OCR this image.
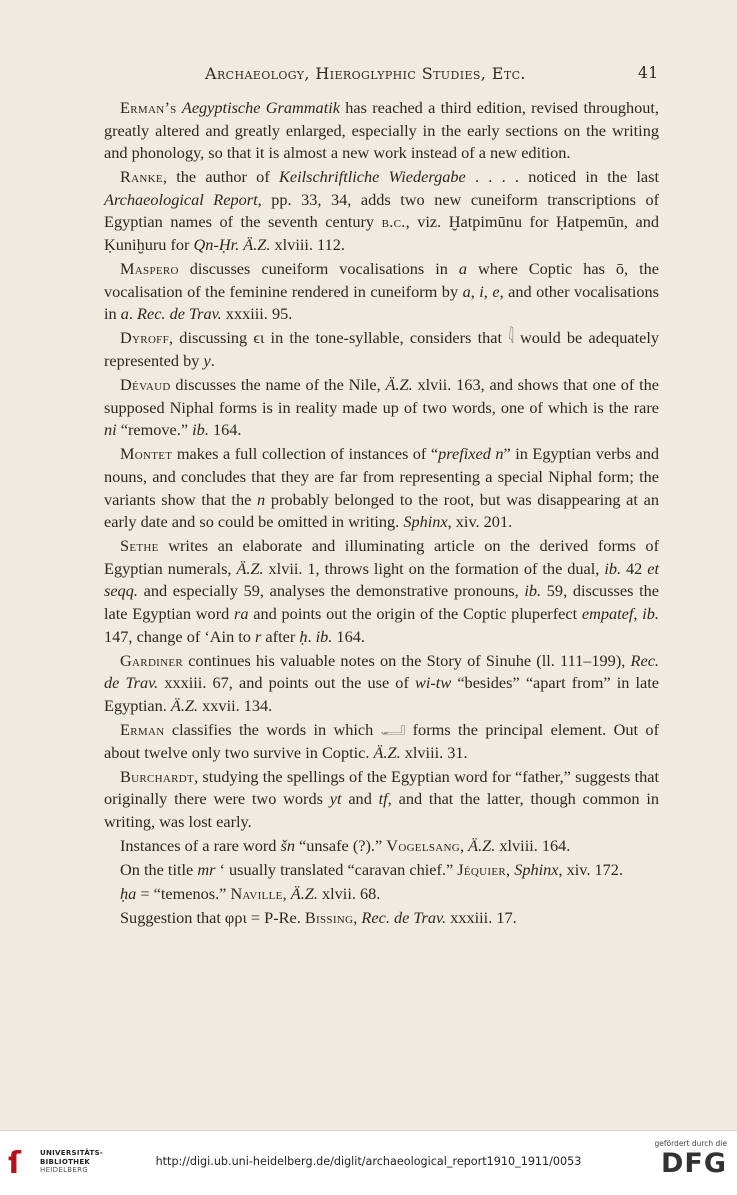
Archaeology, Hieroglyphic Studies, Etc.	41

Erman’s Aegyptische Grammatik has reached a third edition, revised throughout, greatly altered and greatly enlarged, especially in the early sections on the writing and phonology, so that it is almost a new work instead of a new edition.

Ranke, the author of Keilschriftliche Wiedergabe . . . . noticed in the last Archaeological Report, pp. 33, 34, adds two new cuneiform transcriptions of Egyptian names of the seventh century b.c., viz. Ḫatpimūnu for Ḥatpemūn, and Ḳuniḫuru for Qn-Ḥr. Ä.Z. xlviii. 112.

Maspero discusses cuneiform vocalisations in a where Coptic has ō, the vocalisation of the feminine rendered in cuneiform by a, i, e, and other vocalisations in a. Rec. de Trav. xxxiii. 95.

Dyroff, discussing ϵι in the tone-syllable, considers that 𓇋 would be adequately represented by y.

Dévaud discusses the name of the Nile, Ä.Z. xlvii. 163, and shows that one of the supposed Niphal forms is in reality made up of two words, one of which is the rare ni “remove.” ib. 164.

Montet makes a full collection of instances of “prefixed n” in Egyptian verbs and nouns, and concludes that they are far from representing a special Niphal form; the variants show that the n probably belonged to the root, but was disappearing at an early date and so could be omitted in writing. Sphinx, xiv. 201.

Sethe writes an elaborate and illuminating article on the derived forms of Egyptian numerals, Ä.Z. xlvii. 1, throws light on the formation of the dual, ib. 42 et seqq. and especially 59, analyses the demonstrative pronouns, ib. 59, discusses the late Egyptian word ra and points out the origin of the Coptic pluperfect empatef, ib. 147, change of ‘Ain to r after ḥ. ib. 164.

Gardiner continues his valuable notes on the Story of Sinuhe (ll. 111–199), Rec. de Trav. xxxiii. 67, and points out the use of wi-tw “besides” “apart from” in late Egyptian. Ä.Z. xxvii. 134.

Erman classifies the words in which 𓂝 forms the principal element. Out of about twelve only two survive in Coptic. Ä.Z. xlviii. 31.

Burchardt, studying the spellings of the Egyptian word for “father,” suggests that originally there were two words yt and tf, and that the latter, though common in writing, was lost early.

Instances of a rare word šn “unsafe (?).” Vogelsang, Ä.Z. xlviii. 164.

On the title mr ‘ usually translated “caravan chief.” Jéquier, Sphinx, xiv. 172.

ḥa = “temenos.” Naville, Ä.Z. xlvii. 68.

Suggestion that φρι = P-Re. Bissing, Rec. de Trav. xxxiii. 17.

ſ	UNIVERSITÄTS-
BIBLIOTHEK
HEIDELBERG
http://digi.ub.uni-heidelberg.de/diglit/archaeological_report1910_1911/0053
gefördert durch die
DFG
